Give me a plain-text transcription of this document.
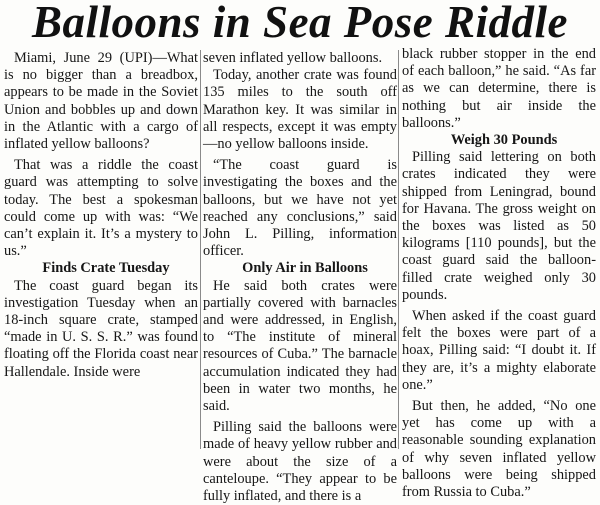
Balloons in Sea Pose Riddle

Miami, June 29 (UPI)—What is no bigger than a breadbox, appears to be made in the Soviet Union and bobbles up and down in the Atlantic with a cargo of inflated yellow balloons?

That was a riddle the coast guard was attempting to solve today. The best a spokesman could come up with was: “We can’t explain it. It’s a mystery to us.”

Finds Crate Tuesday

The coast guard began its investigation Tuesday when an 18-inch square crate, stamped “made in U. S. S. R.” was found floating off the Florida coast near Hallendale. Inside were

seven inflated yellow balloons.

Today, another crate was found 135 miles to the south off Marathon key. It was similar in all respects, except it was empty—no yellow balloons inside.

“The coast guard is investigating the boxes and the balloons, but we have not yet reached any conclusions,” said John L. Pilling, information officer.

Only Air in Balloons

He said both crates were partially covered with barnacles and were addressed, in English, to “The institute of mineral resources of Cuba.” The barnacle accumulation indicated they had been in water two months, he said.

Pilling said the balloons were made of heavy yellow rubber and were about the size of a canteloupe. “They appear to be fully inflated, and there is a

black rubber stopper in the end of each balloon,” he said. “As far as we can determine, there is nothing but air inside the balloons.”

Weigh 30 Pounds

Pilling said lettering on both crates indicated they were shipped from Leningrad, bound for Havana. The gross weight on the boxes was listed as 50 kilograms [110 pounds], but the coast guard said the balloon-filled crate weighed only 30 pounds.

When asked if the coast guard felt the boxes were part of a hoax, Pilling said: “I doubt it. If they are, it’s a mighty elaborate one.”

But then, he added, “No one yet has come up with a reasonable sounding explanation of why seven inflated yellow balloons were being shipped from Russia to Cuba.”
